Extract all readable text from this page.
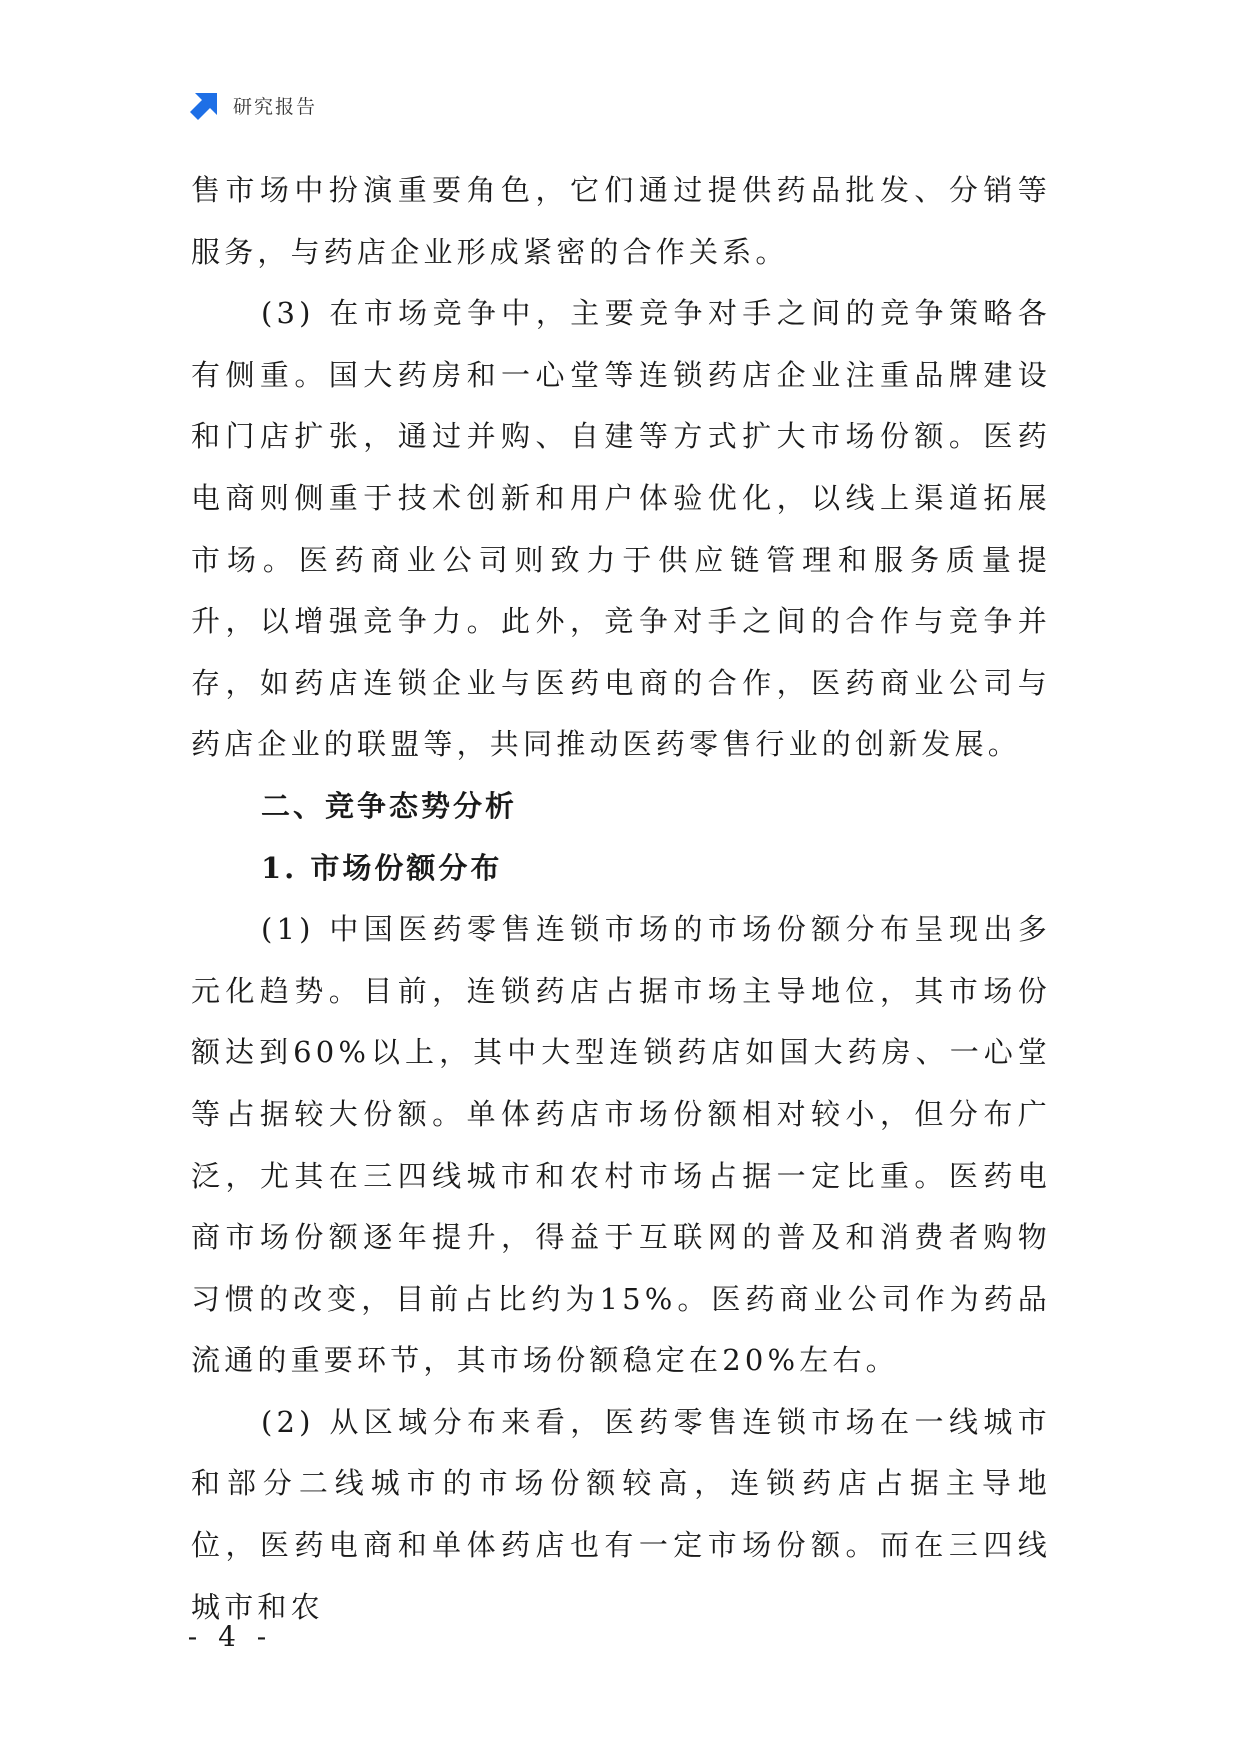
研究报告

售市场中扮演重要角色，它们通过提供药品批发、分销等服务，与药店企业形成紧密的合作关系。

(3) 在市场竞争中，主要竞争对手之间的竞争策略各有侧重。国大药房和一心堂等连锁药店企业注重品牌建设和门店扩张，通过并购、自建等方式扩大市场份额。医药电商则侧重于技术创新和用户体验优化，以线上渠道拓展市场。医药商业公司则致力于供应链管理和服务质量提升，以增强竞争力。此外，竞争对手之间的合作与竞争并存，如药店连锁企业与医药电商的合作，医药商业公司与药店企业的联盟等，共同推动医药零售行业的创新发展。

二、竞争态势分析
1. 市场份额分布

(1) 中国医药零售连锁市场的市场份额分布呈现出多元化趋势。目前，连锁药店占据市场主导地位，其市场份额达到60%以上，其中大型连锁药店如国大药房、一心堂等占据较大份额。单体药店市场份额相对较小，但分布广泛，尤其在三四线城市和农村市场占据一定比重。医药电商市场份额逐年提升，得益于互联网的普及和消费者购物习惯的改变，目前占比约为15%。医药商业公司作为药品流通的重要环节，其市场份额稳定在20%左右。

(2) 从区域分布来看，医药零售连锁市场在一线城市和部分二线城市的市场份额较高，连锁药店占据主导地位，医药电商和单体药店也有一定市场份额。而在三四线城市和农

- 4 -
